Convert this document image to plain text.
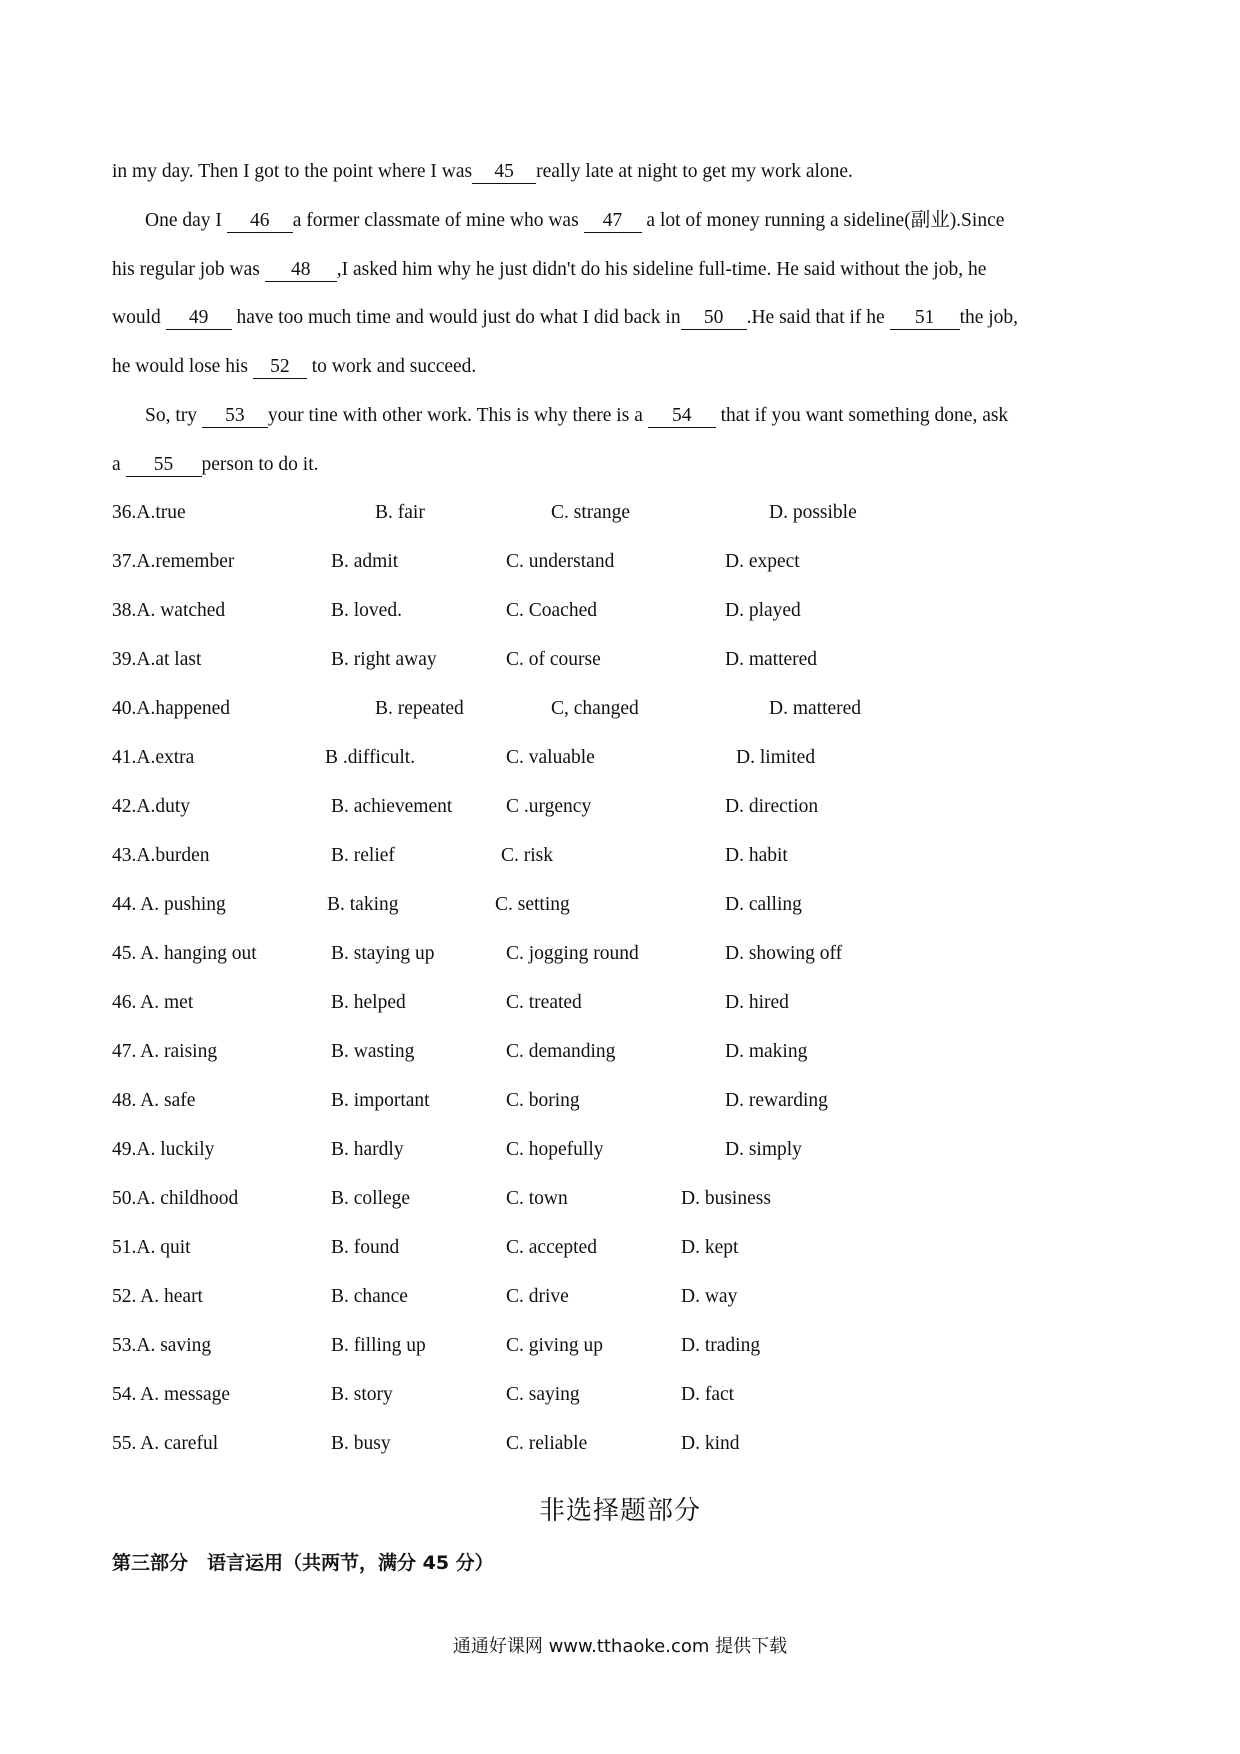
in my day. Then I got to the point where I was 45 really late at night to get my work alone.
One day I 46 a former classmate of mine who was 47 a lot of money running a sideline(副业).Since
his regular job was 48 ,I asked him why he just didn't do his sideline full-time. He said without the job, he
would 49 have too much time and would just do what I did back in 50 .He said that if he 51 the job,
he would lose his 52 to work and succeed.
So, try 53 your tine with other work. This is why there is a 54 that if you want something done, ask
a 55 person to do it.
36.A.true	B. fair	C. strange	D. possible
37.A.remember	B. admit	C. understand	D. expect
38.A. watched	B. loved.	C. Coached	D. played
39.A.at last	B. right away	C. of course	D. mattered
40.A.happened	B. repeated	C, changed	D. mattered
41.A.extra	B .difficult.	C. valuable	D. limited
42.A.duty	B. achievement	C .urgency	D. direction
43.A.burden	B. relief	C. risk	D. habit
44. A. pushing	B. taking	C. setting	D. calling
45. A. hanging out	B. staying up	C. jogging round	D. showing off
46. A. met	B. helped	C. treated	D. hired
47. A. raising	B. wasting	C. demanding	D. making
48. A. safe	B. important	C. boring	D. rewarding
49.A. luckily	B. hardly	C. hopefully	D. simply
50.A. childhood	B. college	C. town	D. business
51.A. quit	B. found	C. accepted	D. kept
52. A. heart	B. chance	C. drive	D. way
53.A. saving	B. filling up	C. giving up	D. trading
54. A. message	B. story	C. saying	D. fact
55. A. careful	B. busy	C. reliable	D. kind
非选择题部分
第三部分　语言运用（共两节，满分 45 分）
通通好课网 www.tthaoke.com 提供下载
